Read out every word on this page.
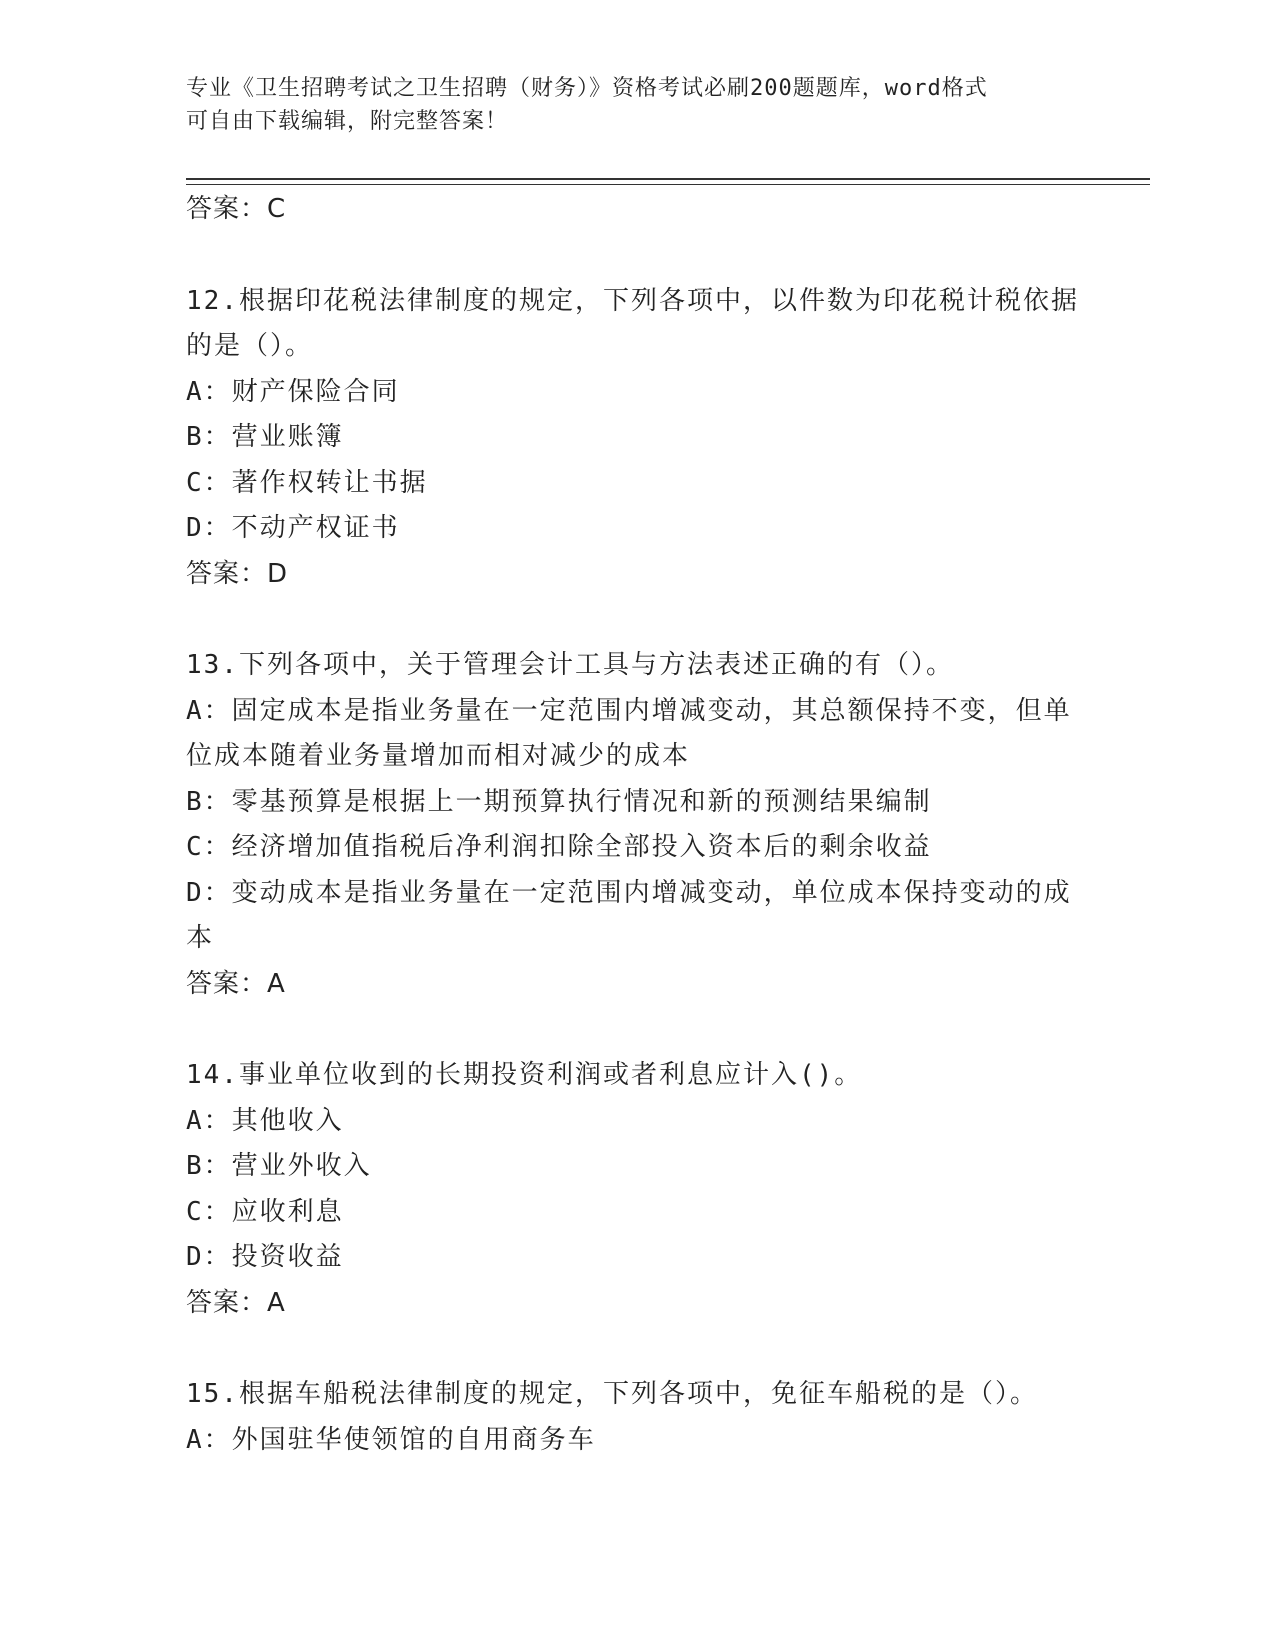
专业《卫生招聘考试之卫生招聘（财务）》资格考试必刷200题题库，word格式
可自由下载编辑，附完整答案！
答案：C
12.根据印花税法律制度的规定，下列各项中，以件数为印花税计税依据的是（）。
A：财产保险合同
B：营业账簿
C：著作权转让书据
D：不动产权证书
答案：D
13.下列各项中，关于管理会计工具与方法表述正确的有（）。
A：固定成本是指业务量在一定范围内增减变动，其总额保持不变，但单位成本随着业务量增加而相对减少的成本
B：零基预算是根据上一期预算执行情况和新的预测结果编制
C：经济增加值指税后净利润扣除全部投入资本后的剩余收益
D：变动成本是指业务量在一定范围内增减变动，单位成本保持变动的成本
答案：A
14.事业单位收到的长期投资利润或者利息应计入()。
A：其他收入
B：营业外收入
C：应收利息
D：投资收益
答案：A
15.根据车船税法律制度的规定，下列各项中，免征车船税的是（）。
A：外国驻华使领馆的自用商务车
